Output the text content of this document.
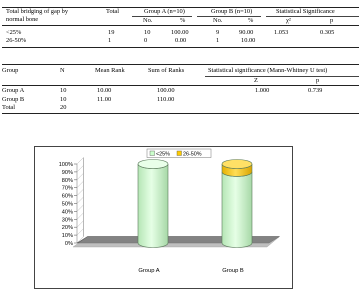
Total bridging of gap by
normal bone
Total	Group A (n=10)	Group B (n=10)	Statistical Significance
No.	%	No.	%	χ²	p
<25%	19	10	100.00	9	90.00	1.053	0.305
26-50%	1	0	0.00	1	10.00
Group	N	Mean Rank	Sum of Ranks	Statistical significance (Mann-Whitney U test)
Z	p
Group A	10	10.00	100.00	1.000	0.739
Group B	10	11.00	110.00
Total	20
0%
10%
20%
30%
40%
50%
60%
70%
80%
90%
100%
Group A	Group B
<25% 26-50%
